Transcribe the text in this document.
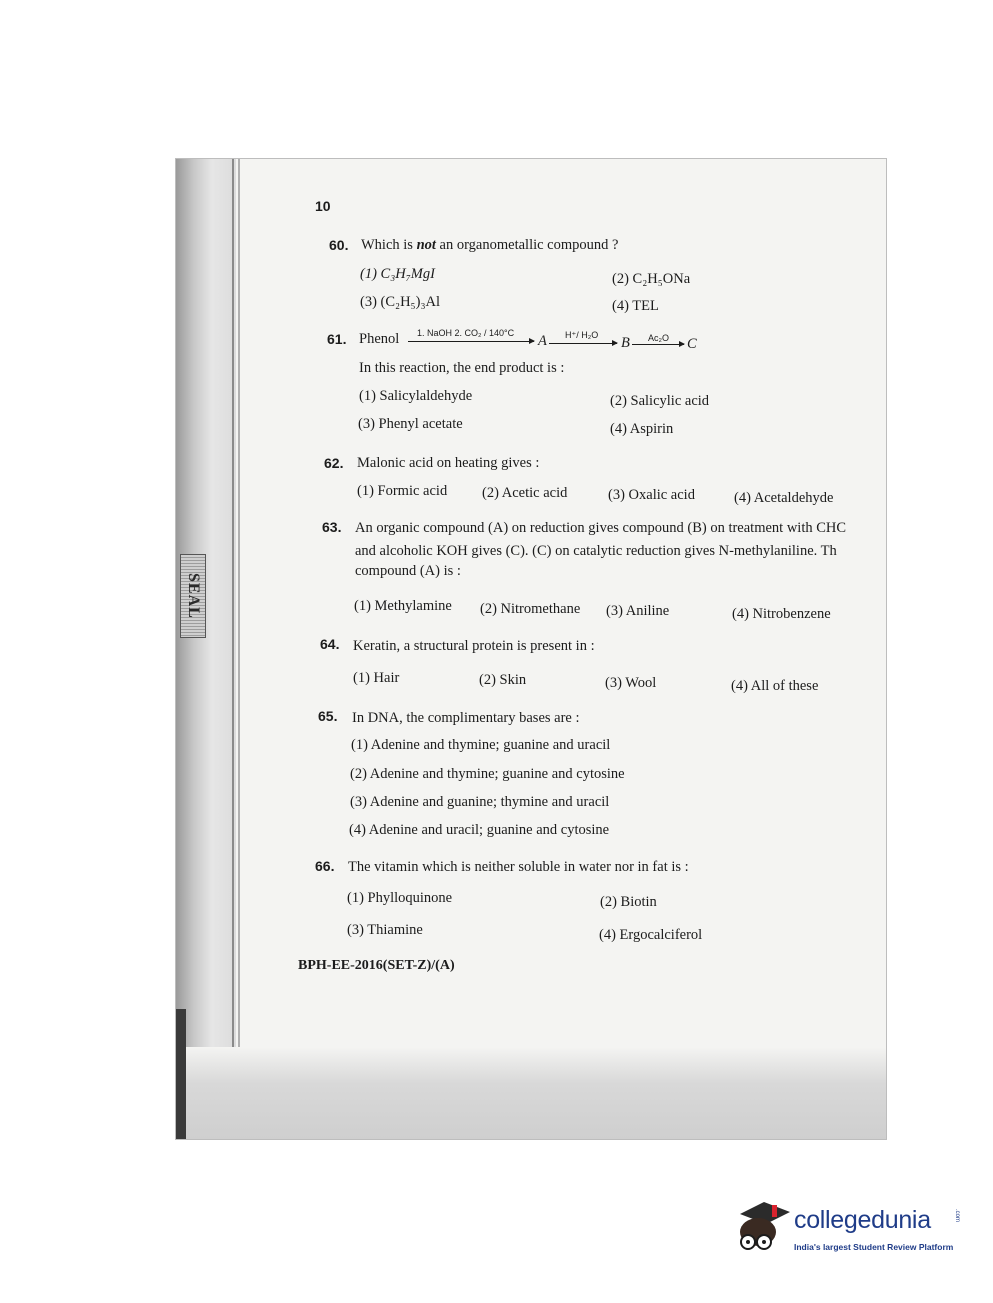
SEAL
10
60. Which is not an organometallic compound ?
(1) C₃H₇MgI	(2) C₂H₅ONa
(3) (C₂H₅)₃Al	(4) TEL
61. Phenol 1. NaOH 2. CO₂ / 140°C A H⁺/ H₂O B Ac₂O → C
In this reaction, the end product is :
(1) Salicylaldehyde	(2) Salicylic acid
(3) Phenyl acetate	(4) Aspirin
62. Malonic acid on heating gives :
(1) Formic acid (2) Acetic acid	(3) Oxalic acid	(4) Acetaldehyde
63. An organic compound (A) on reduction gives compound (B) on treatment with CHC
and alcoholic KOH gives (C). (C) on catalytic reduction gives N-methylaniline. Th
compound (A) is :
(1) Methylamine (2) Nitromethane (3) Aniline	(4) Nitrobenzene
64. Keratin, a structural protein is present in :
(1) Hair	(2) Skin	(3) Wool	(4) All of these
65. In DNA, the complimentary bases are :
(1) Adenine and thymine; guanine and uracil
(2) Adenine and thymine; guanine and cytosine
(3) Adenine and guanine; thymine and uracil
(4) Adenine and uracil; guanine and cytosine
66. The vitamin which is neither soluble in water nor in fat is :
(1) Phylloquinone	(2) Biotin
(3) Thiamine	(4) Ergocalciferol
BPH-EE-2016(SET-Z)/(A)
collegedunia	.com
India's largest Student Review Platform
